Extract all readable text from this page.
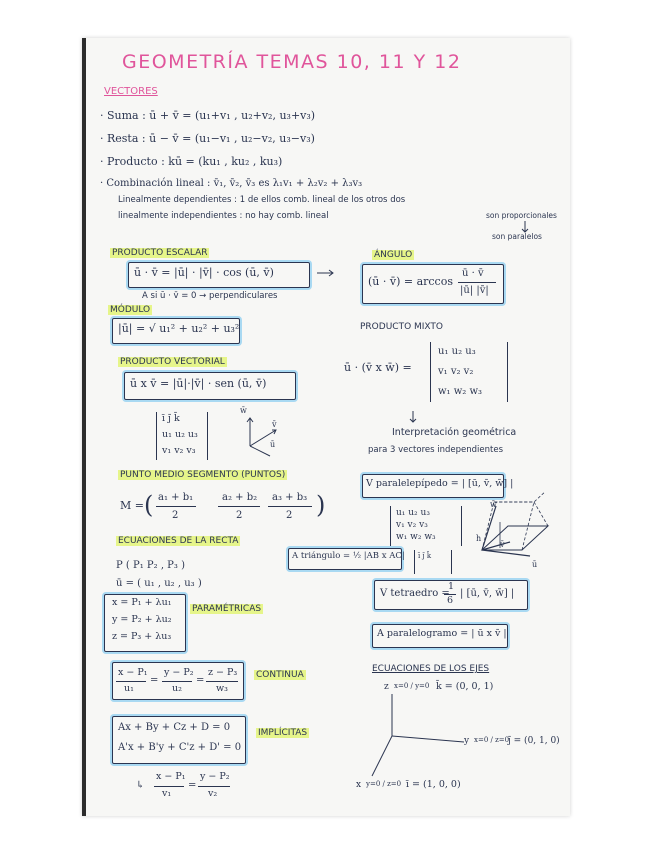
GEOMETRÍA TEMAS 10, 11 Y 12
VECTORES
· Suma : ū + v̄ = (u₁+v₁ , u₂+v₂, u₃+v₃)
· Resta : ū − v̄ = (u₁−v₁ , u₂−v₂, u₃−v₃)
· Producto : kū = (ku₁ , ku₂ , ku₃)
· Combinación lineal : v̄₁, v̄₂, v̄₃ es λ₁v₁ + λ₂v₂ + λ₃v₃
Linealmente dependientes : 1 de ellos comb. lineal de los otros dos
linealmente independientes : no hay comb. lineal	son proporcionales
son paralelos
PRODUCTO ESCALAR
ū · v̄ = |ū| · |v̄| · cos (ū, v̄)
A si ū · v̄ = 0 → perpendiculares
ÁNGULO
(ū · v̄) = arccos
ū · v̄
|ū| |v̄|
MÓDULO
|ū| = √ u₁² + u₂² + u₃²	PRODUCTO MIXTO
ū · (v̄ x w̄) =
u₁ u₂ u₃
v₁ v₂ v₂
w₁ w₂ w₃
Interpretación geométrica
para 3 vectores independientes
PRODUCTO VECTORIAL
ū x v̄ = |ū|·|v̄| · sen (ū, v̄)
ī j̄ k̄
u₁ u₂ u₃
v₁ v₂ v₃
w̄
v̄
ū
PUNTO MEDIO SEGMENTO (PUNTOS)
M = ( a₁ + b₁
2
a₂ + b₂
2
a₃ + b₃
2 )
V paralelepípedo = | [ū, v̄, w̄] |
u₁ u₂ u₃
v₁ v₂ v₃
w₁ w₂ w₃
w̄
v̄
ū
h
A triángulo = ½ |AB x AC| ī j̄ k̄
V tetraedro =
1
6
| [ū, v̄, w̄] |
A paralelogramo = | ū x v̄ |
ECUACIONES DE LA RECTA
P ( P₁ P₂ , P₃ )
ū = ( u₁ , u₂ , u₃ )
x = P₁ + λu₁
y = P₂ + λu₂
z = P₃ + λu₃
PARAMÉTRICAS
x − P₁
u₁
=
y − P₂
u₂
=
z − P₃
w₃
CONTINUA
Ax + By + Cz + D = 0
A'x + B'y + C'z + D' = 0
IMPLÍCITAS
↳
x − P₁
v₁
=
y − P₂
v₂
ECUACIONES DE LOS EJES
z x=0 / y=0 k̄ = (0, 0, 1)
y x=0 / z=0
j̄ = (0, 1, 0)
x y=0 / z=0 ī = (1, 0, 0)
